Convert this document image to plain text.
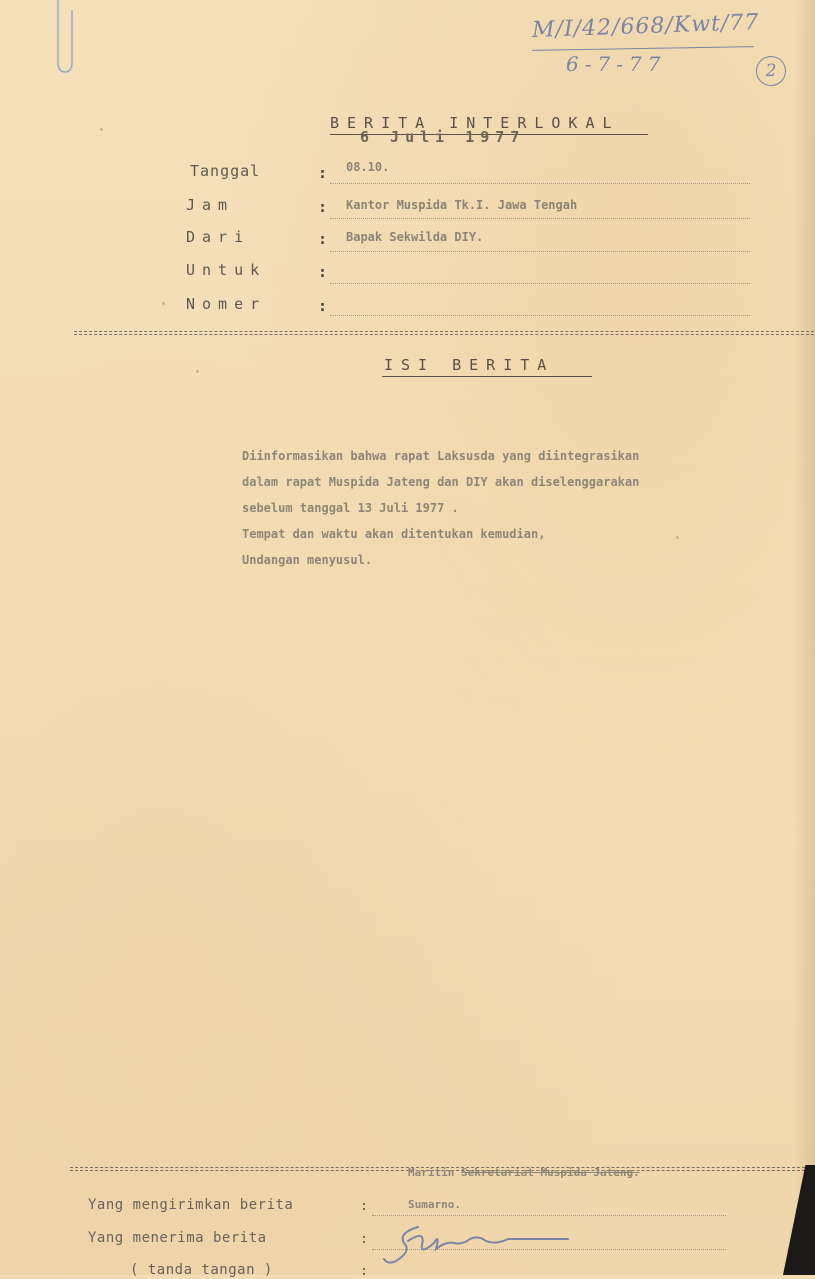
M/I/42/668/Kwt/77
6-7-77	2
BERITA INTERLOKAL
6 Juli 1977
Tanggal	: 08.10.
Jam	: Kantor Muspida Tk.I. Jawa Tengah
Dari	: Bapak Sekwilda DIY.
Untuk	:
Nomer	:
ISI BERITA
Diinformasikan bahwa rapat Laksusda yang diintegrasikan
dalam rapat Muspida Jateng dan DIY akan diselenggarakan
sebelum tanggal 13 Juli 1977 .
Tempat dan waktu akan ditentukan kemudian,
Undangan menyusul.
Maritin Sekretariat Muspida Jateng.
Yang mengirimkan berita	:	Sumarno.
Yang menerima berita	:
( tanda tangan )	:
